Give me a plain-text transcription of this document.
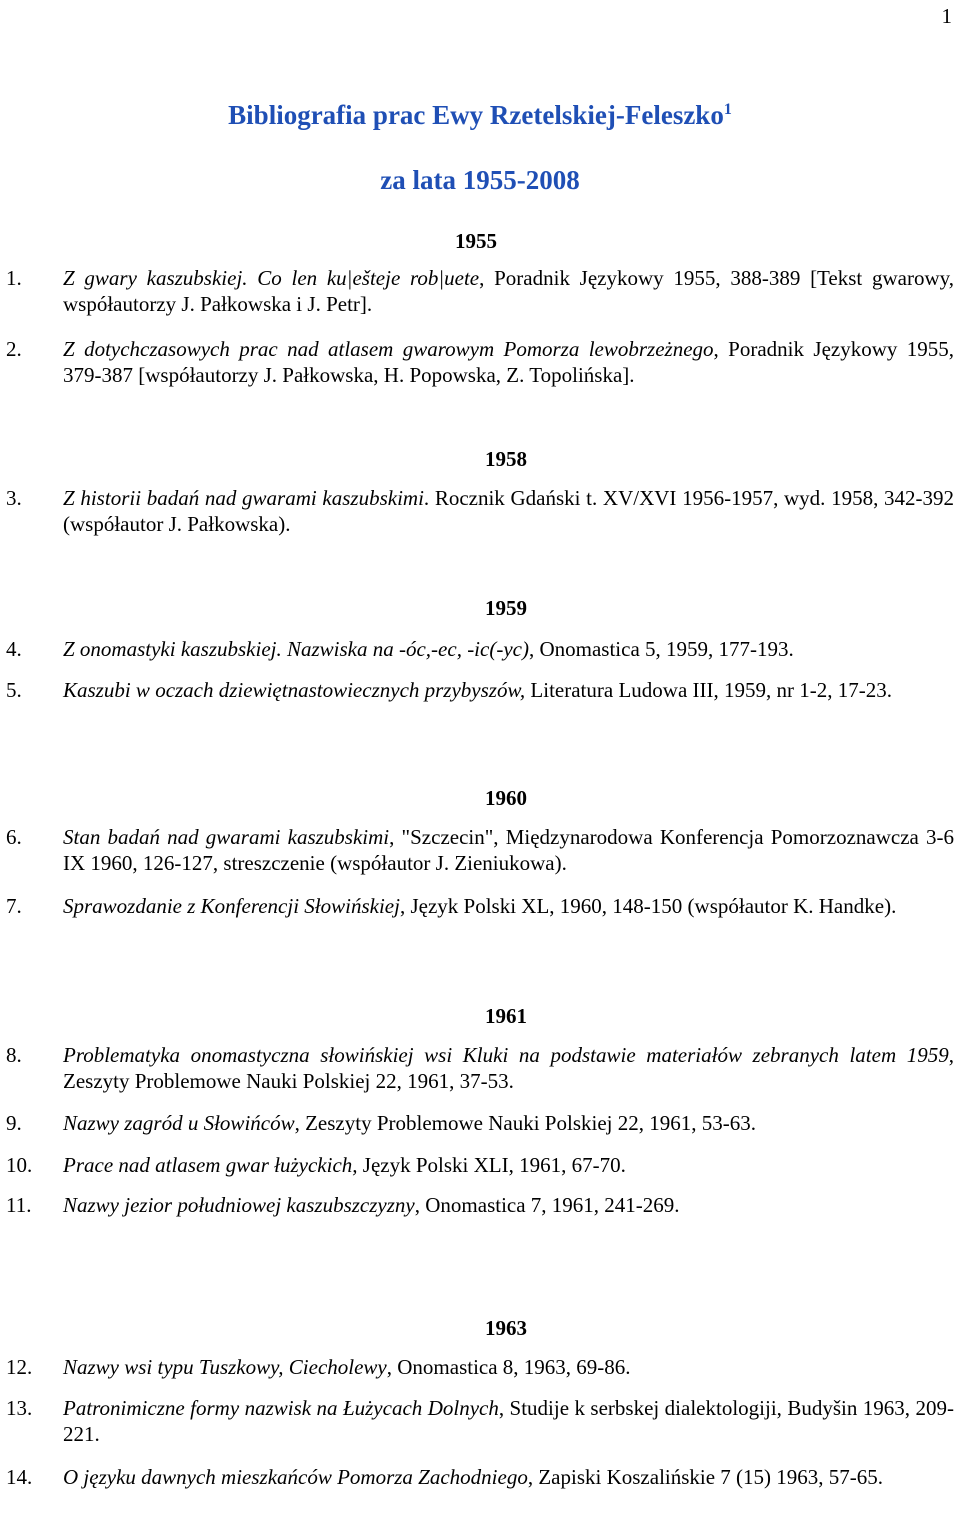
1
Bibliografia prac Ewy Rzetelskiej-Feleszko$^1$
za lata 1955-2008
1955
1. Z gwary kaszubskiej. Co len ku|ešteje rob|uete, Poradnik Językowy 1955, 388-389 [Tekst gwarowy, współautorzy J. Pałkowska i J. Petr].
2. Z dotychczasowych prac nad atlasem gwarowym Pomorza lewobrzeżnego, Poradnik Językowy 1955, 379-387 [współautorzy J. Pałkowska, H. Popowska, Z. Topolińska].
1958
3. Z historii badań nad gwarami kaszubskimi. Rocznik Gdański t. XV/XVI 1956-1957, wyd. 1958, 342-392 (współautor J. Pałkowska).
1959
4. Z onomastyki kaszubskiej. Nazwiska na -óc,-ec, -ic(-yc), Onomastica 5, 1959, 177-193.
5. Kaszubi w oczach dziewiętnastowiecznych przybyszów, Literatura Ludowa III, 1959, nr 1-2, 17-23.
1960
6. Stan badań nad gwarami kaszubskimi, "Szczecin", Międzynarodowa Konferencja Pomorzoznawcza 3-6 IX 1960, 126-127, streszczenie (współautor J. Zieniukowa).
7. Sprawozdanie z Konferencji Słowińskiej, Język Polski XL, 1960, 148-150 (współautor K. Handke).
1961
8. Problematyka onomastyczna słowińskiej wsi Kluki na podstawie materiałów zebranych latem 1959, Zeszyty Problemowe Nauki Polskiej 22, 1961, 37-53.
9. Nazwy zagród u Słowińców, Zeszyty Problemowe Nauki Polskiej 22, 1961, 53-63.
10. Prace nad atlasem gwar łużyckich, Język Polski XLI, 1961, 67-70.
11. Nazwy jezior południowej kaszubszczyzny, Onomastica 7, 1961, 241-269.
1963
12. Nazwy wsi typu Tuszkowy, Ciecholewy, Onomastica 8, 1963, 69-86.
13. Patronimiczne formy nazwisk na Łużycach Dolnych, Studije k serbskej dialektologiji, Budyšin 1963, 209-221.
14. O języku dawnych mieszkańców Pomorza Zachodniego, Zapiski Koszalińskie 7 (15) 1963, 57-65.
